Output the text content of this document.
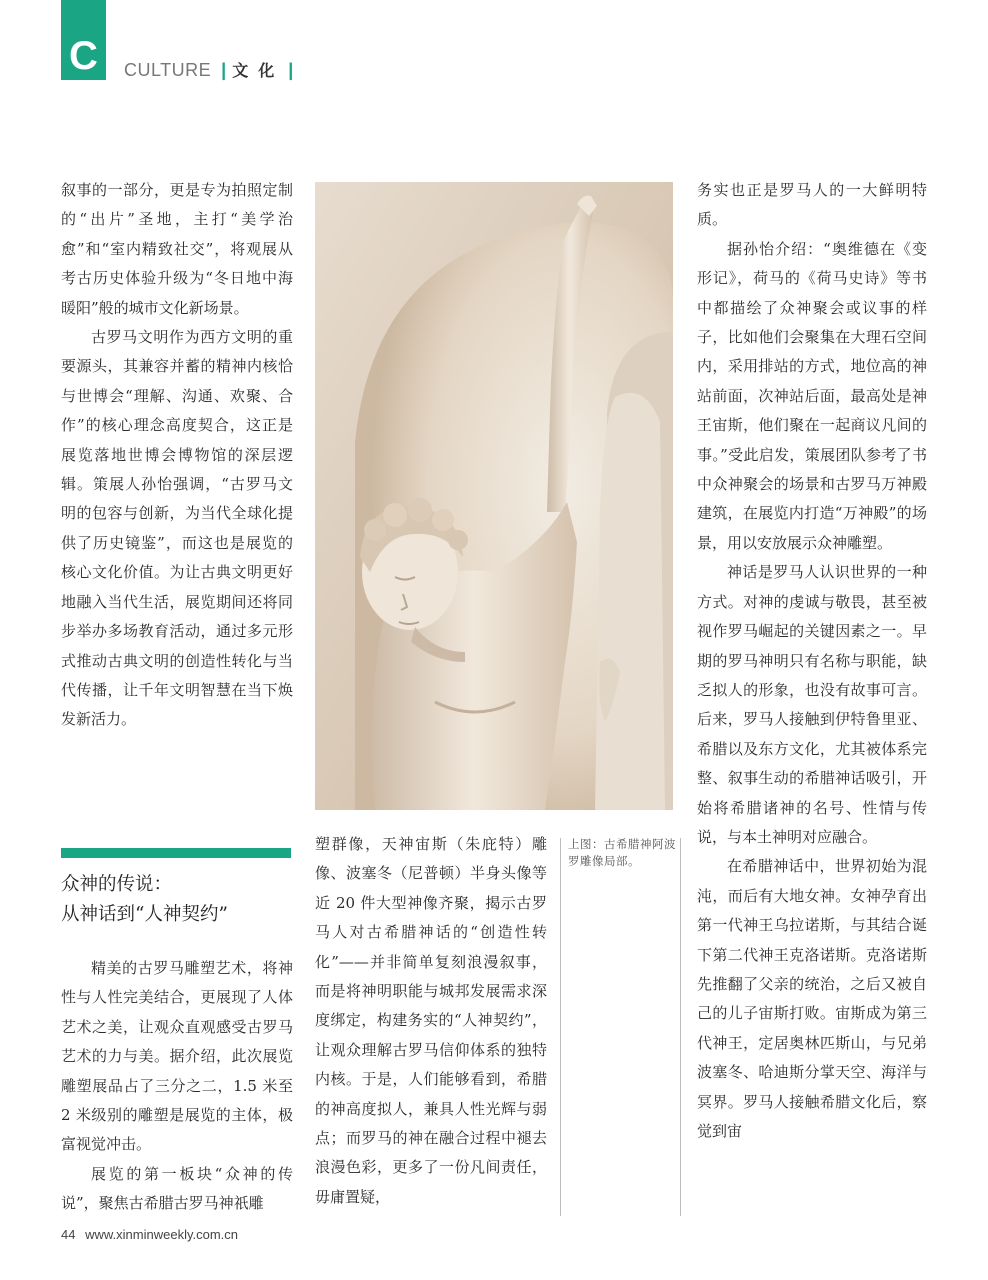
C	CULTURE | 文化 |

叙事的一部分，更是专为拍照定制的“出片”圣地，主打“美学治愈”和“室内精致社交”，将观展从考古历史体验升级为“冬日地中海暖阳”般的城市文化新场景。

古罗马文明作为西方文明的重要源头，其兼容并蓄的精神内核恰与世博会“理解、沟通、欢聚、合作”的核心理念高度契合，这正是展览落地世博会博物馆的深层逻辑。策展人孙怡强调，“古罗马文明的包容与创新，为当代全球化提供了历史镜鉴”，而这也是展览的核心文化价值。为让古典文明更好地融入当代生活，展览期间还将同步举办多场教育活动，通过多元形式推动古典文明的创造性转化与当代传播，让千年文明智慧在当下焕发新活力。

众神的传说：
从神话到“人神契约”

精美的古罗马雕塑艺术，将神性与人性完美结合，更展现了人体艺术之美，让观众直观感受古罗马艺术的力与美。据介绍，此次展览雕塑展品占了三分之二，1.5 米至 2 米级别的雕塑是展览的主体，极富视觉冲击。

展览的第一板块“众神的传说”，聚焦古希腊古罗马神祇雕

塑群像，天神宙斯（朱庇特）雕像、波塞冬（尼普顿）半身头像等近 20 件大型神像齐聚，揭示古罗马人对古希腊神话的“创造性转化”——并非简单复刻浪漫叙事，而是将神明职能与城邦发展需求深度绑定，构建务实的“人神契约”，让观众理解古罗马信仰体系的独特内核。于是，人们能够看到，希腊的神高度拟人，兼具人性光辉与弱点；而罗马的神在融合过程中褪去浪漫色彩，更多了一份凡间责任，毋庸置疑，

上图：古希腊神阿波罗雕像局部。

务实也正是罗马人的一大鲜明特质。

据孙怡介绍：“奥维德在《变形记》，荷马的《荷马史诗》等书中都描绘了众神聚会或议事的样子，比如他们会聚集在大理石空间内，采用排站的方式，地位高的神站前面，次神站后面，最高处是神王宙斯，他们聚在一起商议凡间的事。”受此启发，策展团队参考了书中众神聚会的场景和古罗马万神殿建筑，在展览内打造“万神殿”的场景，用以安放展示众神雕塑。

神话是罗马人认识世界的一种方式。对神的虔诚与敬畏，甚至被视作罗马崛起的关键因素之一。早期的罗马神明只有名称与职能，缺乏拟人的形象，也没有故事可言。后来，罗马人接触到伊特鲁里亚、希腊以及东方文化，尤其被体系完整、叙事生动的希腊神话吸引，开始将希腊诸神的名号、性情与传说，与本土神明对应融合。

在希腊神话中，世界初始为混沌，而后有大地女神。女神孕育出第一代神王乌拉诺斯，与其结合诞下第二代神王克洛诺斯。克洛诺斯先推翻了父亲的统治，之后又被自己的儿子宙斯打败。宙斯成为第三代神王，定居奥林匹斯山，与兄弟波塞冬、哈迪斯分掌天空、海洋与冥界。罗马人接触希腊文化后，察觉到宙

44 www.xinminweekly.com.cn
